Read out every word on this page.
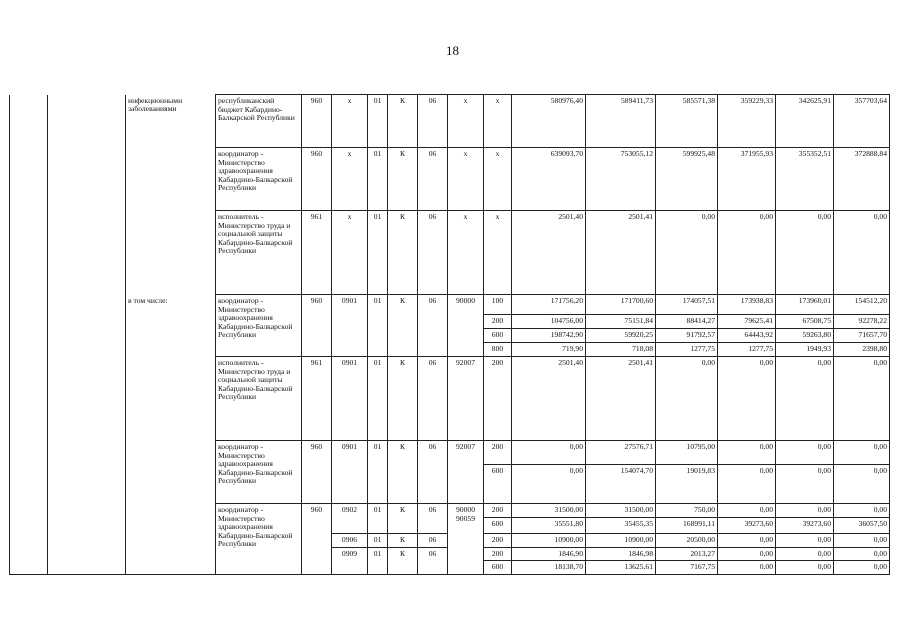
18
		инфекционными заболеваниями	республиканский бюджет Кабардино-Балкарской Республики	960	x	01	К	06	x	x	580976,40	589411,73	585571,38	359229,33	342625,91	357703,64
			координатор - Министерство здравоохранения Кабардино-Балкарской Республики	960	x	01	К	06	x	x	639093,70	753055,12	599925,48	371955,93	355352,51	372888,84
			исполнитель - Министерство труда и социальной защиты Кабардино-Балкарской Республики	961	x	01	К	06	x	x	2501,40	2501,41	0,00	0,00	0,00	0,00
		в том числе:	координатор - Министерство здравоохранения Кабардино-Балкарской Республики	960	0901	01	К	06	90000	100	171756,20	171700,60	174057,51	173938,83	173960,01	154512,20
										200	104756,00	75151,84	88414,27	79625,41	67508,75	92278,22
										600	198742,90	59920,25	91792,57	64443,92	59263,80	71657,70
										800	719,90	718,08	1277,75	1277,75	1949,93	2398,80
			исполнитель - Министерство труда и социальной защиты Кабардино-Балкарской Республики	961	0901	01	К	06	92007	200	2501,40	2501,41	0,00	0,00	0,00	0,00
			координатор - Министерство здравоохранения Кабардино-Балкарской Республики	960	0901	01	К	06	92007	200	0,00	27576,71	10795,00	0,00	0,00	0,00
										600	0,00	154074,70	19019,83	0,00	0,00	0,00
			координатор - Министерство здравоохранения Кабардино-Балкарской Республики	960	0902	01	К	06	90000 90059	200	31500,00	31500,00	750,00	0,00	0,00	0,00
										600	35551,80	35455,35	168991,11	39273,60	39273,60	36057,50
					0906	01	К	06		200	10900,00	10900,00	20500,00	0,00	0,00	0,00
					0909	01	К	06		200	1846,90	1846,98	2013,27	0,00	0,00	0,00
										600	18138,70	13625,61	7167,75	0,00	0,00	0,00
